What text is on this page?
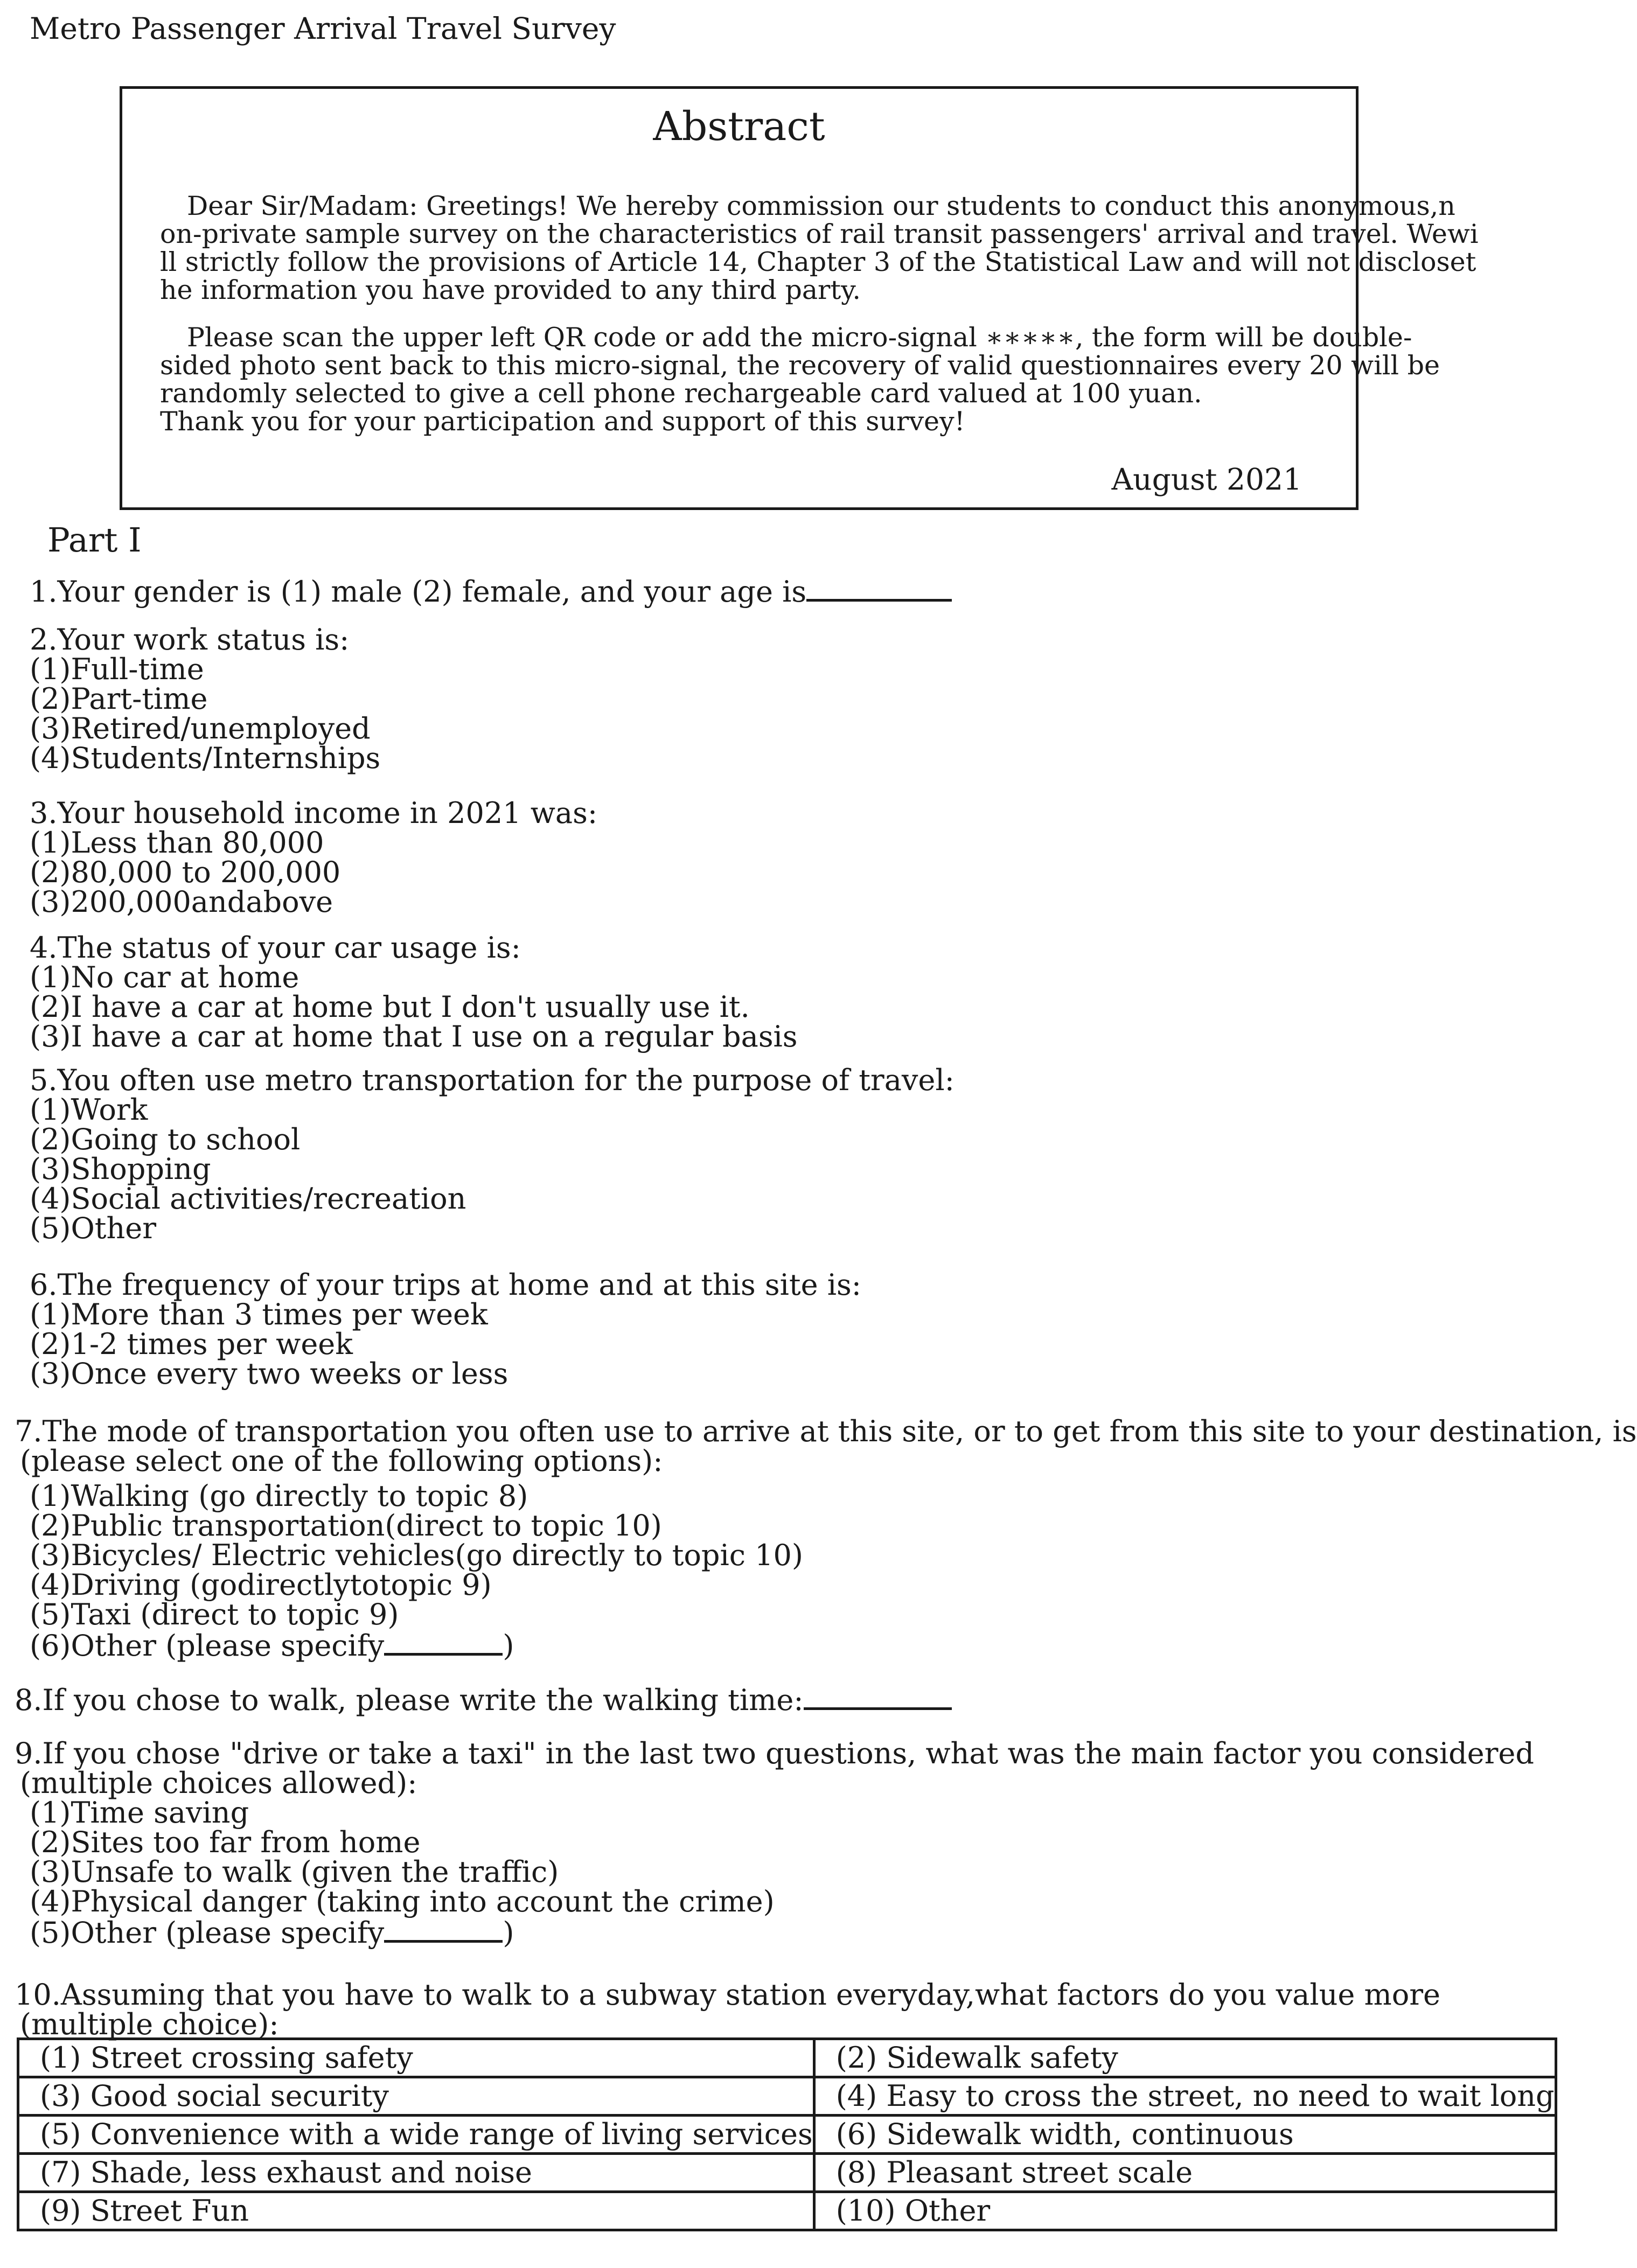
Metro Passenger Arrival Travel Survey
Abstract
Dear Sir/Madam: Greetings! We hereby commission our students to conduct this anonymous,n
on-private sample survey on the characteristics of rail transit passengers' arrival and travel. Wewi
ll strictly follow the provisions of Article 14, Chapter 3 of the Statistical Law and will not discloset
he information you have provided to any third party.
Please scan the upper left QR code or add the micro-signal ∗∗∗∗∗, the form will be double-
sided photo sent back to this micro-signal, the recovery of valid questionnaires every 20 will be
randomly selected to give a cell phone rechargeable card valued at 100 yuan.
Thank you for your participation and support of this survey!
August 2021
Part I
1.Your gender is (1) male (2) female, and your age is
2.Your work status is:
(1)Full-time
(2)Part-time
(3)Retired/unemployed
(4)Students/Internships
3.Your household income in 2021 was:
(1)Less than 80,000
(2)80,000 to 200,000
(3)200,000andabove
4.The status of your car usage is:
(1)No car at home
(2)I have a car at home but I don't usually use it.
(3)I have a car at home that I use on a regular basis
5.You often use metro transportation for the purpose of travel:
(1)Work
(2)Going to school
(3)Shopping
(4)Social activities/recreation
(5)Other
6.The frequency of your trips at home and at this site is:
(1)More than 3 times per week
(2)1-2 times per week
(3)Once every two weeks or less
7.The mode of transportation you often use to arrive at this site, or to get from this site to your destination, is
(please select one of the following options):
(1)Walking (go directly to topic 8)
(2)Public transportation(direct to topic 10)
(3)Bicycles/ Electric vehicles(go directly to topic 10)
(4)Driving (godirectlytotopic 9)
(5)Taxi (direct to topic 9)
(6)Other (please specify	)
8.If you chose to walk, please write the walking time:
9.If you chose "drive or take a taxi" in the last two questions, what was the main factor you considered
(multiple choices allowed):
(1)Time saving
(2)Sites too far from home
(3)Unsafe to walk (given the traffic)
(4)Physical danger (taking into account the crime)
(5)Other (please specify	)
10.Assuming that you have to walk to a subway station everyday,what factors do you value more
(multiple choice):
(1) Street crossing safety	(2) Sidewalk safety
(3) Good social security	(4) Easy to cross the street, no need to wait long
(5) Convenience with a wide range of living services	(6) Sidewalk width, continuous
(7) Shade, less exhaust and noise	(8) Pleasant street scale
(9) Street Fun	(10) Other
